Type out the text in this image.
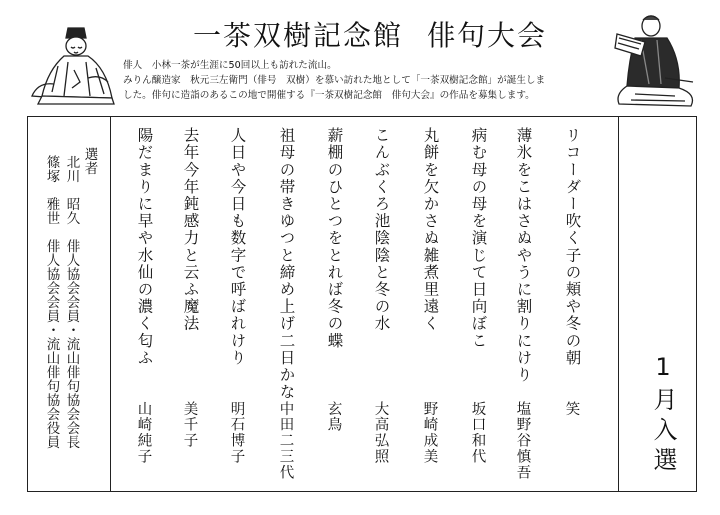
一茶双樹記念館 俳句大会
俳人　小林一茶が生涯に50回以上も訪れた流山。
みりん醸造家　秋元三左衛門（俳号　双樹）を慕い訪れた地として「一茶双樹記念館」が誕生しま
した。俳句に造詣のあるこの地で開催する『一茶双樹記念館　俳句大会』の作品を募集します。
1月入選
リコーダー吹く子の頬や冬の朝
笑
薄氷をこはさぬやうに割りにけり
塩野谷慎吾
病む母の母を演じて日向ぼこ
坂口和代
丸餅を欠かさぬ雑煮里遠く
野崎成美
こんぶくろ池陰陰と冬の水
大高弘照
薪棚のひとつをとれば冬の蝶
玄鳥
祖母の帯きゆつと締め上げ二日かな
中田二三代
人日や今日も数字で呼ばれけり
明石博子
去年今年鈍感力と云ふ魔法
美千子
陽だまりに早や水仙の濃く匂ふ
山崎純子
選者
北川　昭久　俳人協会会員・流山俳句協会会長
篠塚　雅世　俳人協会会員・流山俳句協会役員
